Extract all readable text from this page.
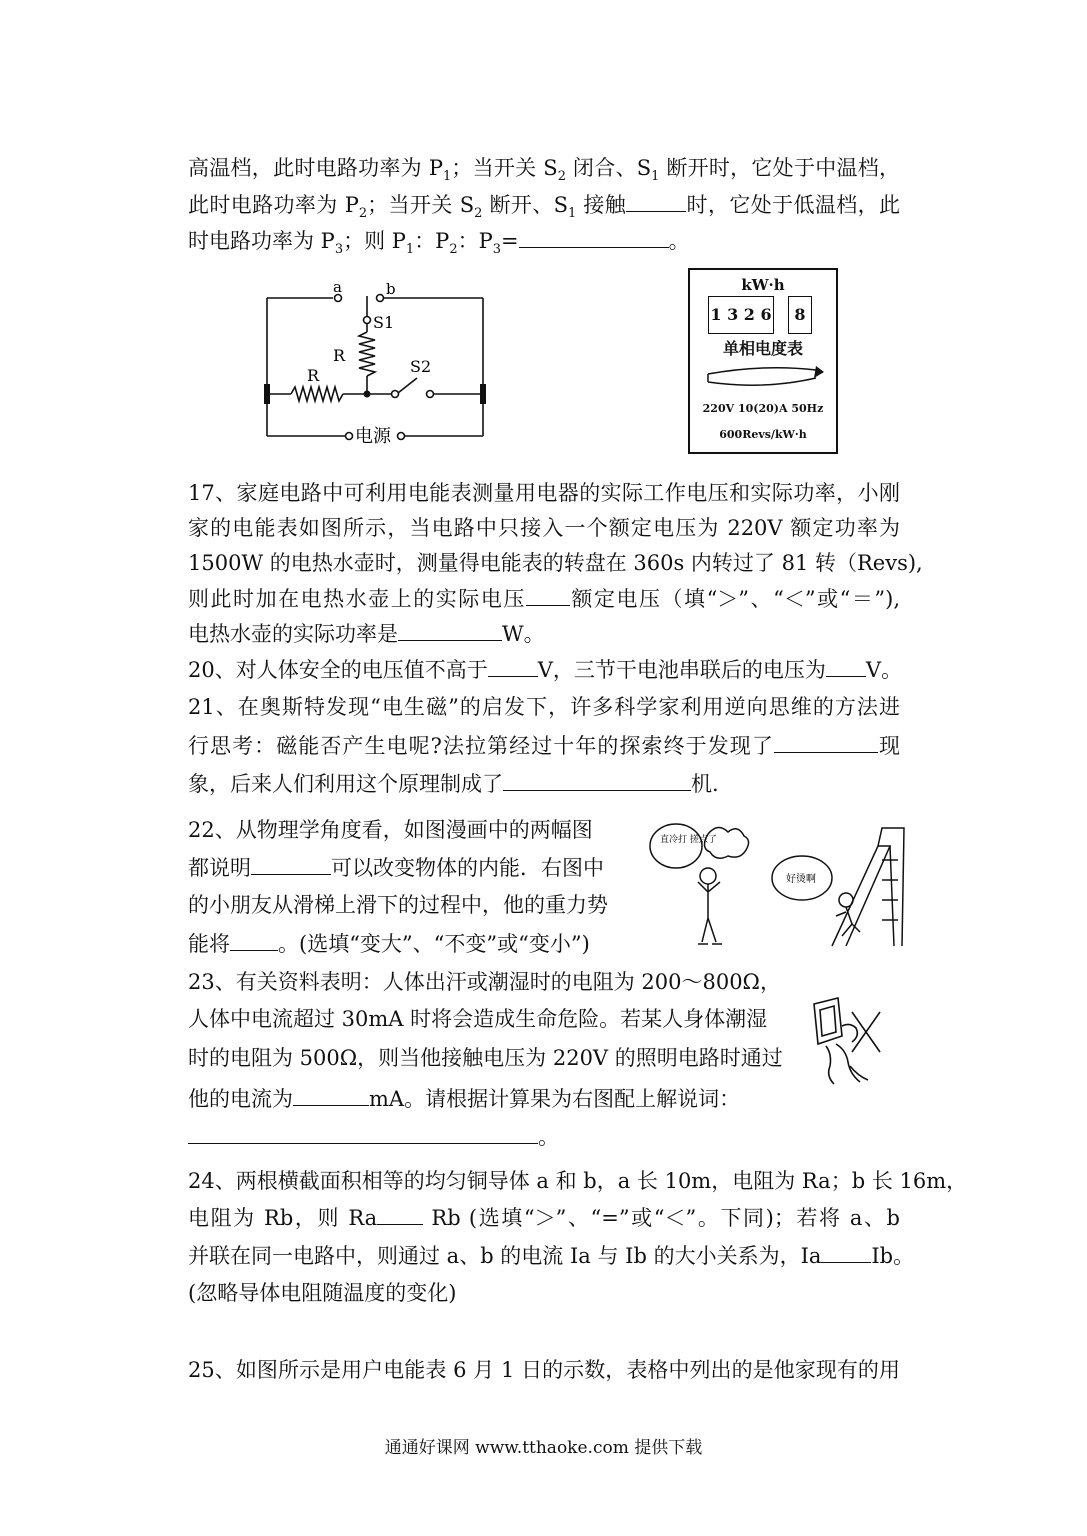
高温档，此时电路功率为 $P_1$；当开关 $S_2$ 闭合、$S_1$ 断开时，它处于中温档，
此时电路功率为 $P_2$；当开关 $S_2$ 断开、$S_1$ 接触	时，它处于低温档，此
时电路功率为 $P_3$；则 $P_1$：$P_2$：$P_3=$	。
a	b
S1
R
S2
R
电源
kW·h
1 3 2 6	8
单相电度表
220V 10(20)A 50Hz
600Revs/kW·h
17、家庭电路中可利用电能表测量用电器的实际工作电压和实际功率，小刚
家的电能表如图所示，当电路中只接入一个额定电压为 220V 额定功率为
1500W 的电热水壶时，测量得电能表的转盘在 360s 内转过了 81 转（Revs),
则此时加在电热水壶上的实际电压 额定电压（填“＞”、“＜”或“＝”),
电热水壶的实际功率是	W。
20、对人体安全的电压值不高于 V，三节干电池串联后的电压为 V。
21、在奥斯特发现“电生磁”的启发下，许多科学家利用逆向思维的方法进
行思考：磁能否产生电呢?法拉第经过十年的探索终于发现了	现
象，后来人们利用这个原理制成了	机.
22、从物理学角度看，如图漫画中的两幅图
都说明	可以改变物体的内能．右图中
的小朋友从滑梯上滑下的过程中，他的重力势
能将 。(选填“变大”、“不变”或“变小”)
直冷打 搓点了
好烫啊
23、有关资料表明：人体出汗或潮湿时的电阻为 200～800Ω，
人体中电流超过 30mA 时将会造成生命危险。若某人身体潮湿
时的电阻为 500Ω，则当他接触电压为 220V 的照明电路时通过
他的电流为	mA。请根据计算果为右图配上解说词：
。
24、两根横截面积相等的均匀铜导体 a 和 b，a 长 10m，电阻为 Ra；b 长 16m，
电阻为 Rb，则 Ra Rb (选填“＞”、“=”或“＜”。下同)；若将 a、b
并联在同一电路中，则通过 a、b 的电流 Ia 与 Ib 的大小关系为，Ia Ib。
(忽略导体电阻随温度的变化)
25、如图所示是用户电能表 6 月 1 日的示数，表格中列出的是他家现有的用
通通好课网 www.tthaoke.com 提供下载
